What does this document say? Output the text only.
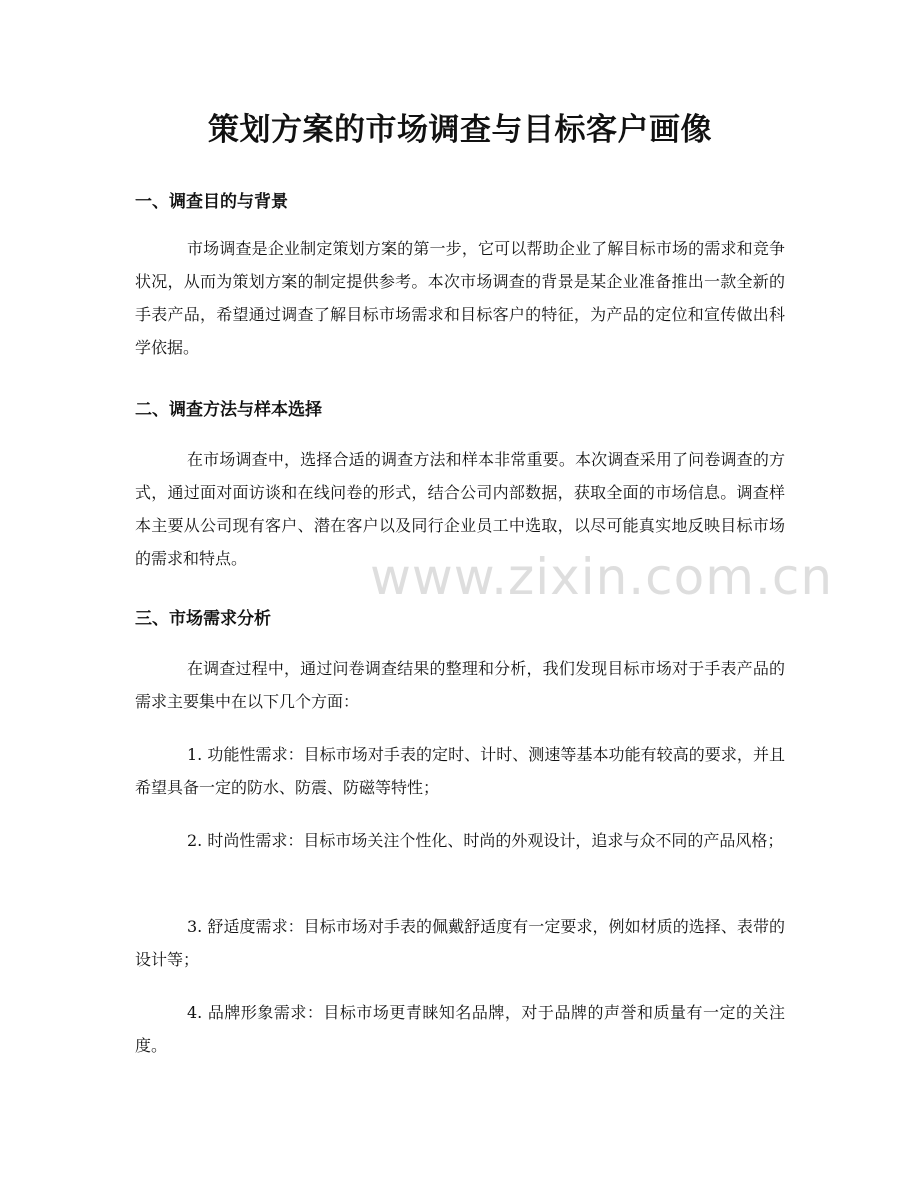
www.zixin.com.cn
策划方案的市场调查与目标客户画像
一、调查目的与背景

市场调查是企业制定策划方案的第一步，它可以帮助企业了解目标市场的需求和竞争状况，从而为策划方案的制定提供参考。本次市场调查的背景是某企业准备推出一款全新的手表产品，希望通过调查了解目标市场需求和目标客户的特征，为产品的定位和宣传做出科学依据。

二、调查方法与样本选择

在市场调查中，选择合适的调查方法和样本非常重要。本次调查采用了问卷调查的方式，通过面对面访谈和在线问卷的形式，结合公司内部数据，获取全面的市场信息。调查样本主要从公司现有客户、潜在客户以及同行企业员工中选取，以尽可能真实地反映目标市场的需求和特点。

三、市场需求分析

在调查过程中，通过问卷调查结果的整理和分析，我们发现目标市场对于手表产品的需求主要集中在以下几个方面：

1. 功能性需求：目标市场对手表的定时、计时、测速等基本功能有较高的要求，并且希望具备一定的防水、防震、防磁等特性；

2. 时尚性需求：目标市场关注个性化、时尚的外观设计，追求与众不同的产品风格；

3. 舒适度需求：目标市场对手表的佩戴舒适度有一定要求，例如材质的选择、表带的设计等；

4. 品牌形象需求：目标市场更青睐知名品牌，对于品牌的声誉和质量有一定的关注度。
